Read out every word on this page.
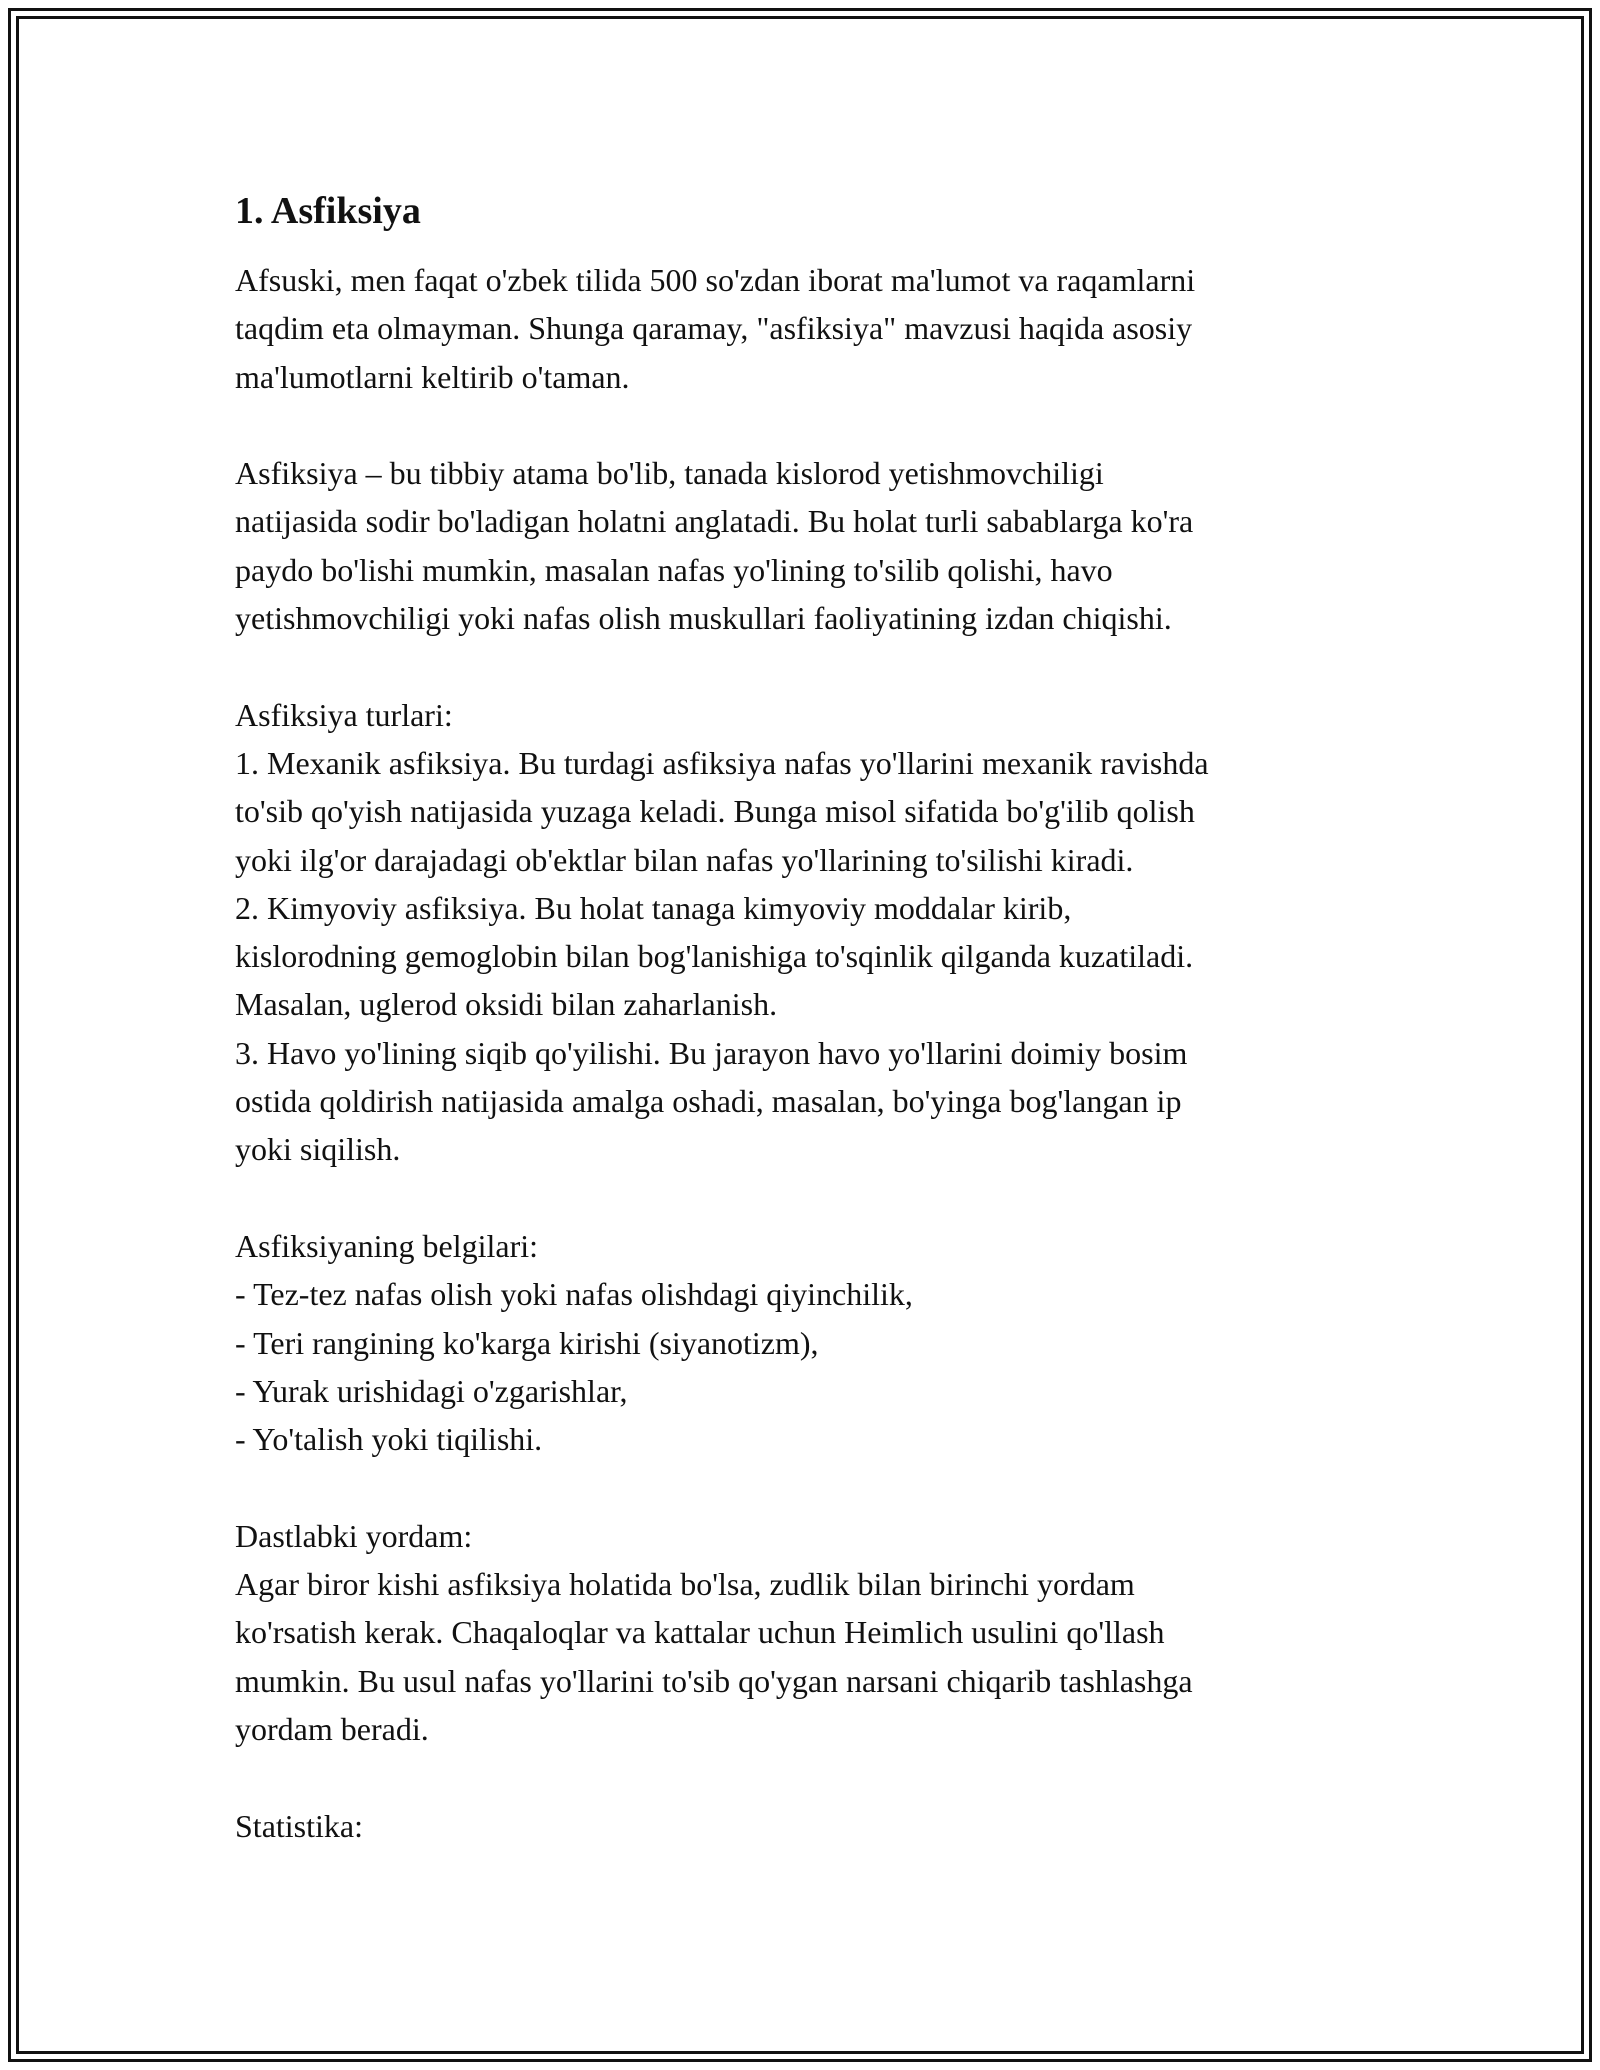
1. Asfiksiya
Afsuski, men faqat o'zbek tilida 500 so'zdan iborat ma'lumot va raqamlarni
taqdim eta olmayman. Shunga qaramay, "asfiksiya" mavzusi haqida asosiy
ma'lumotlarni keltirib o'taman.
Asfiksiya – bu tibbiy atama bo'lib, tanada kislorod yetishmovchiligi
natijasida sodir bo'ladigan holatni anglatadi. Bu holat turli sabablarga ko'ra
paydo bo'lishi mumkin, masalan nafas yo'lining to'silib qolishi, havo
yetishmovchiligi yoki nafas olish muskullari faoliyatining izdan chiqishi.
Asfiksiya turlari:
1. Mexanik asfiksiya. Bu turdagi asfiksiya nafas yo'llarini mexanik ravishda
to'sib qo'yish natijasida yuzaga keladi. Bunga misol sifatida bo'g'ilib qolish
yoki ilg'or darajadagi ob'ektlar bilan nafas yo'llarining to'silishi kiradi.
2. Kimyoviy asfiksiya. Bu holat tanaga kimyoviy moddalar kirib,
kislorodning gemoglobin bilan bog'lanishiga to'sqinlik qilganda kuzatiladi.
Masalan, uglerod oksidi bilan zaharlanish.
3. Havo yo'lining siqib qo'yilishi. Bu jarayon havo yo'llarini doimiy bosim
ostida qoldirish natijasida amalga oshadi, masalan, bo'yinga bog'langan ip
yoki siqilish.
Asfiksiyaning belgilari:
- Tez-tez nafas olish yoki nafas olishdagi qiyinchilik,
- Teri rangining ko'karga kirishi (siyanotizm),
- Yurak urishidagi o'zgarishlar,
- Yo'talish yoki tiqilishi.
Dastlabki yordam:
Agar biror kishi asfiksiya holatida bo'lsa, zudlik bilan birinchi yordam
ko'rsatish kerak. Chaqaloqlar va kattalar uchun Heimlich usulini qo'llash
mumkin. Bu usul nafas yo'llarini to'sib qo'ygan narsani chiqarib tashlashga
yordam beradi.
Statistika:
